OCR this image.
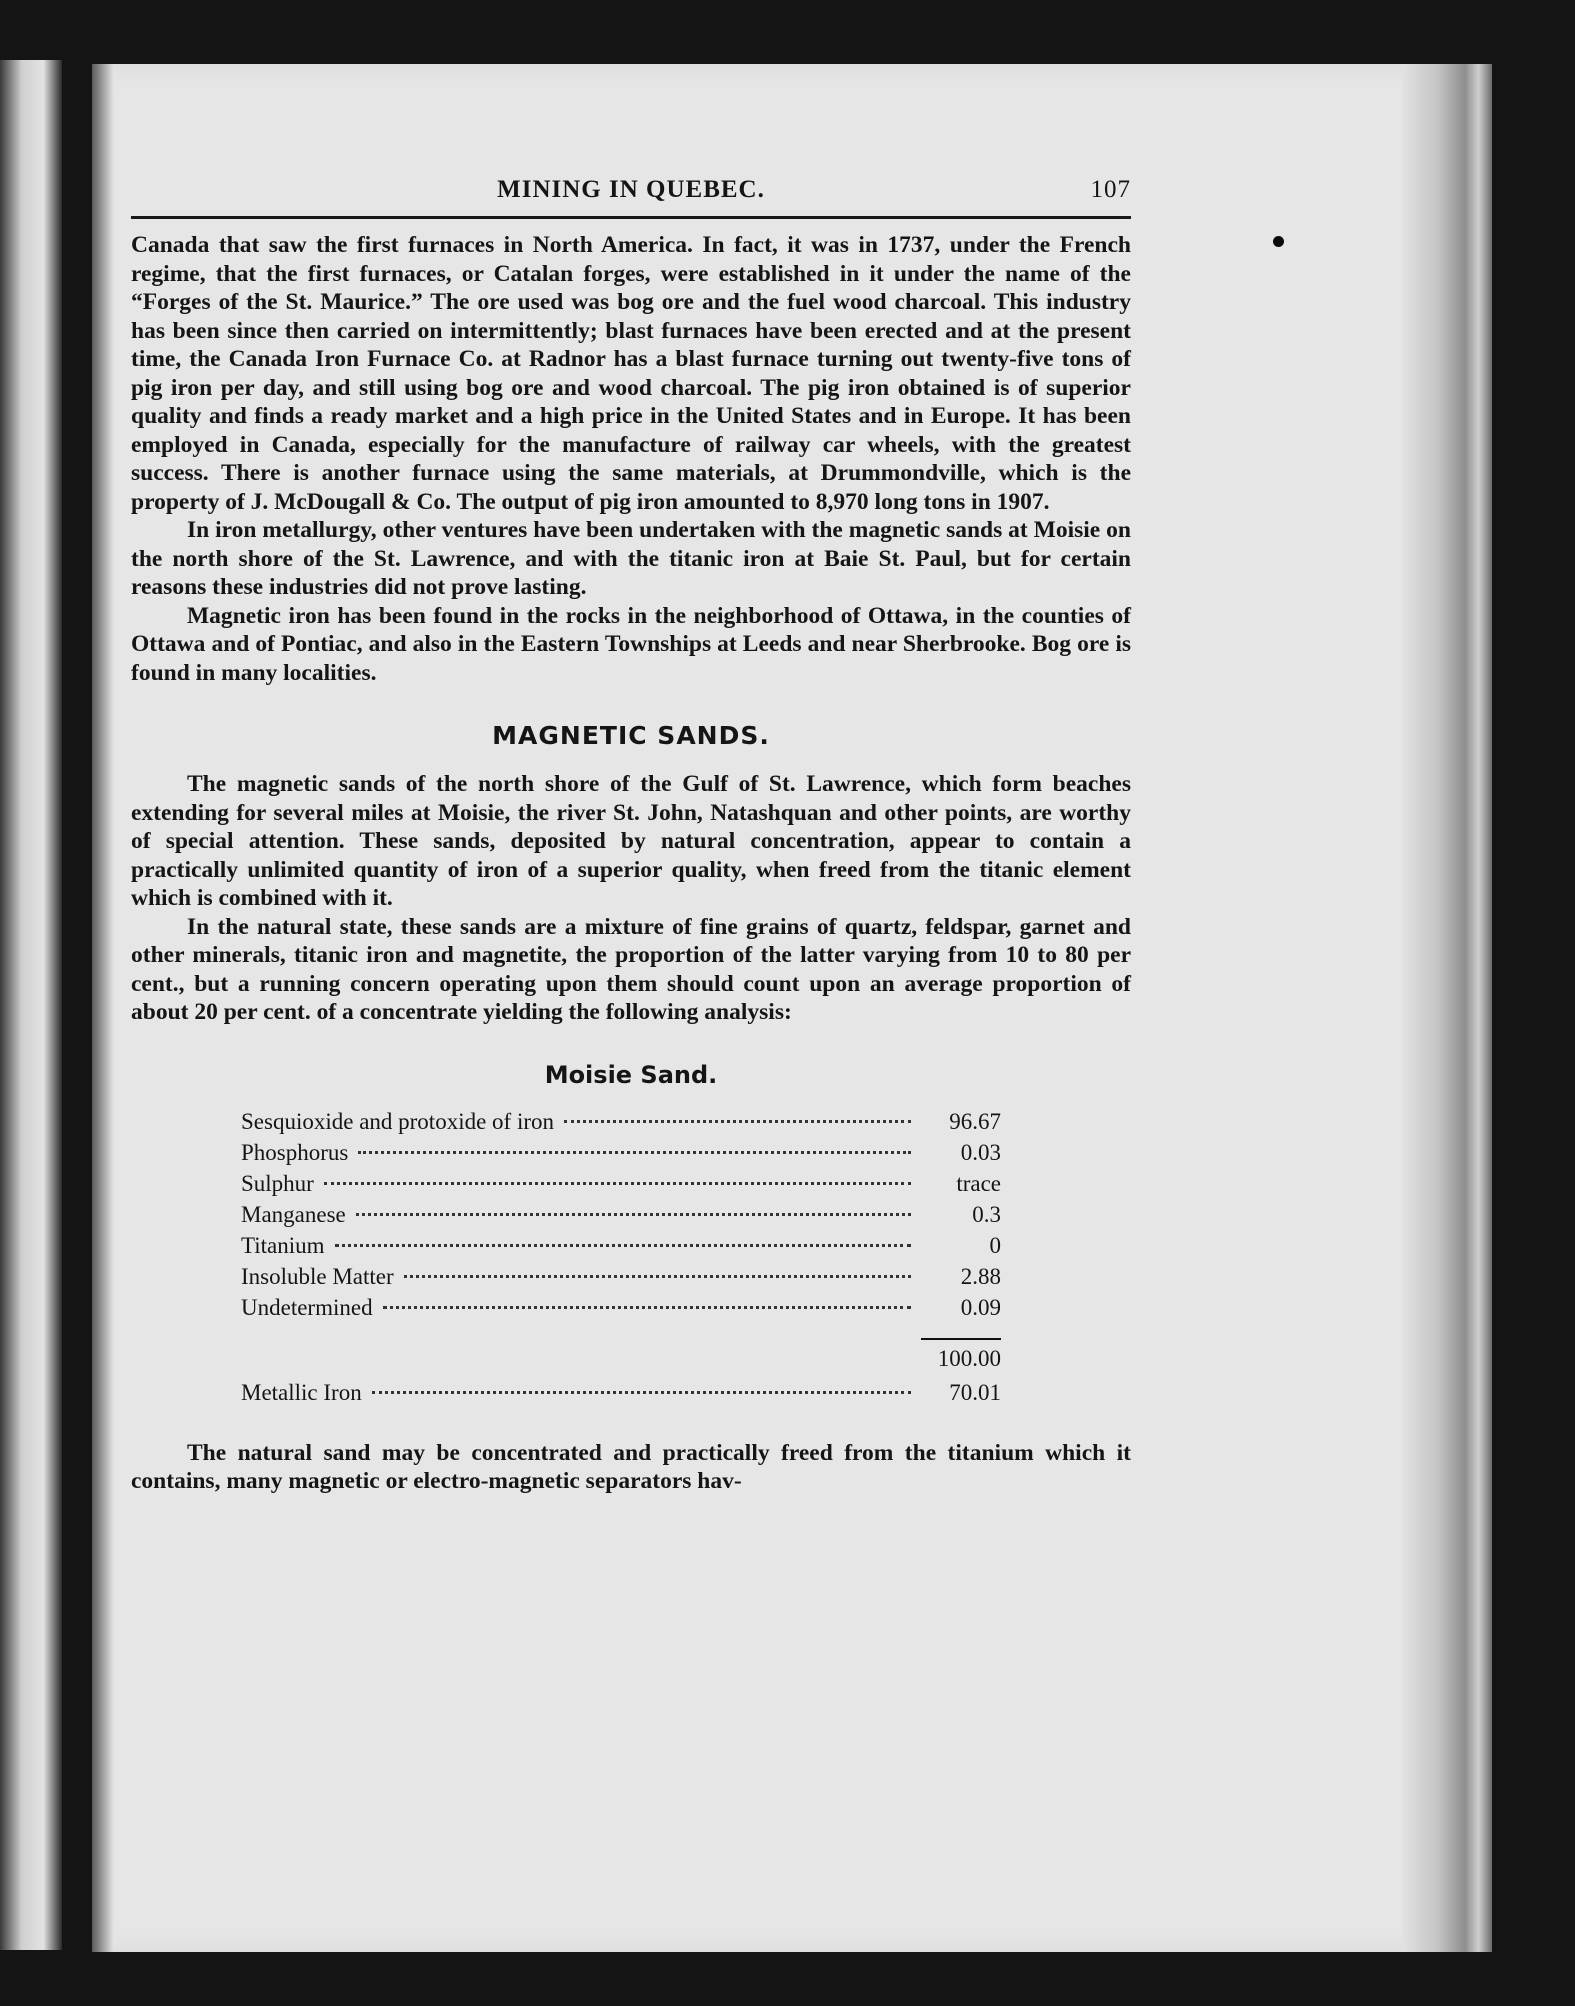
MINING IN QUEBEC.	107

Canada that saw the first furnaces in North America. In fact, it was in 1737, under the French regime, that the first furnaces, or Catalan forges, were established in it under the name of the “Forges of the St. Maurice.” The ore used was bog ore and the fuel wood charcoal. This industry has been since then carried on intermittently; blast furnaces have been erected and at the present time, the Canada Iron Furnace Co. at Radnor has a blast furnace turning out twenty-five tons of pig iron per day, and still using bog ore and wood charcoal. The pig iron obtained is of superior quality and finds a ready market and a high price in the United States and in Europe. It has been employed in Canada, especially for the manufacture of railway car wheels, with the greatest success. There is another furnace using the same materials, at Drummondville, which is the property of J. McDougall & Co. The output of pig iron amounted to 8,970 long tons in 1907.

In iron metallurgy, other ventures have been undertaken with the magnetic sands at Moisie on the north shore of the St. Lawrence, and with the titanic iron at Baie St. Paul, but for certain reasons these industries did not prove lasting.

Magnetic iron has been found in the rocks in the neighborhood of Ottawa, in the counties of Ottawa and of Pontiac, and also in the Eastern Townships at Leeds and near Sherbrooke. Bog ore is found in many localities.

MAGNETIC SANDS.

The magnetic sands of the north shore of the Gulf of St. Lawrence, which form beaches extending for several miles at Moisie, the river St. John, Natashquan and other points, are worthy of special attention. These sands, deposited by natural concentration, appear to contain a practically unlimited quantity of iron of a superior quality, when freed from the titanic element which is combined with it.

In the natural state, these sands are a mixture of fine grains of quartz, feldspar, garnet and other minerals, titanic iron and magnetite, the proportion of the latter varying from 10 to 80 per cent., but a running concern operating upon them should count upon an average proportion of about 20 per cent. of a concentrate yielding the following analysis:

Moisie Sand.
Sesquioxide and protoxide of iron	96.67
Phosphorus	0.03
Sulphur	trace
Manganese	0.3
Titanium	0
Insoluble Matter	2.88
Undetermined	0.09
100.00
Metallic Iron	70.01

The natural sand may be concentrated and practically freed from the titanium which it contains, many magnetic or electro-magnetic separators hav-
